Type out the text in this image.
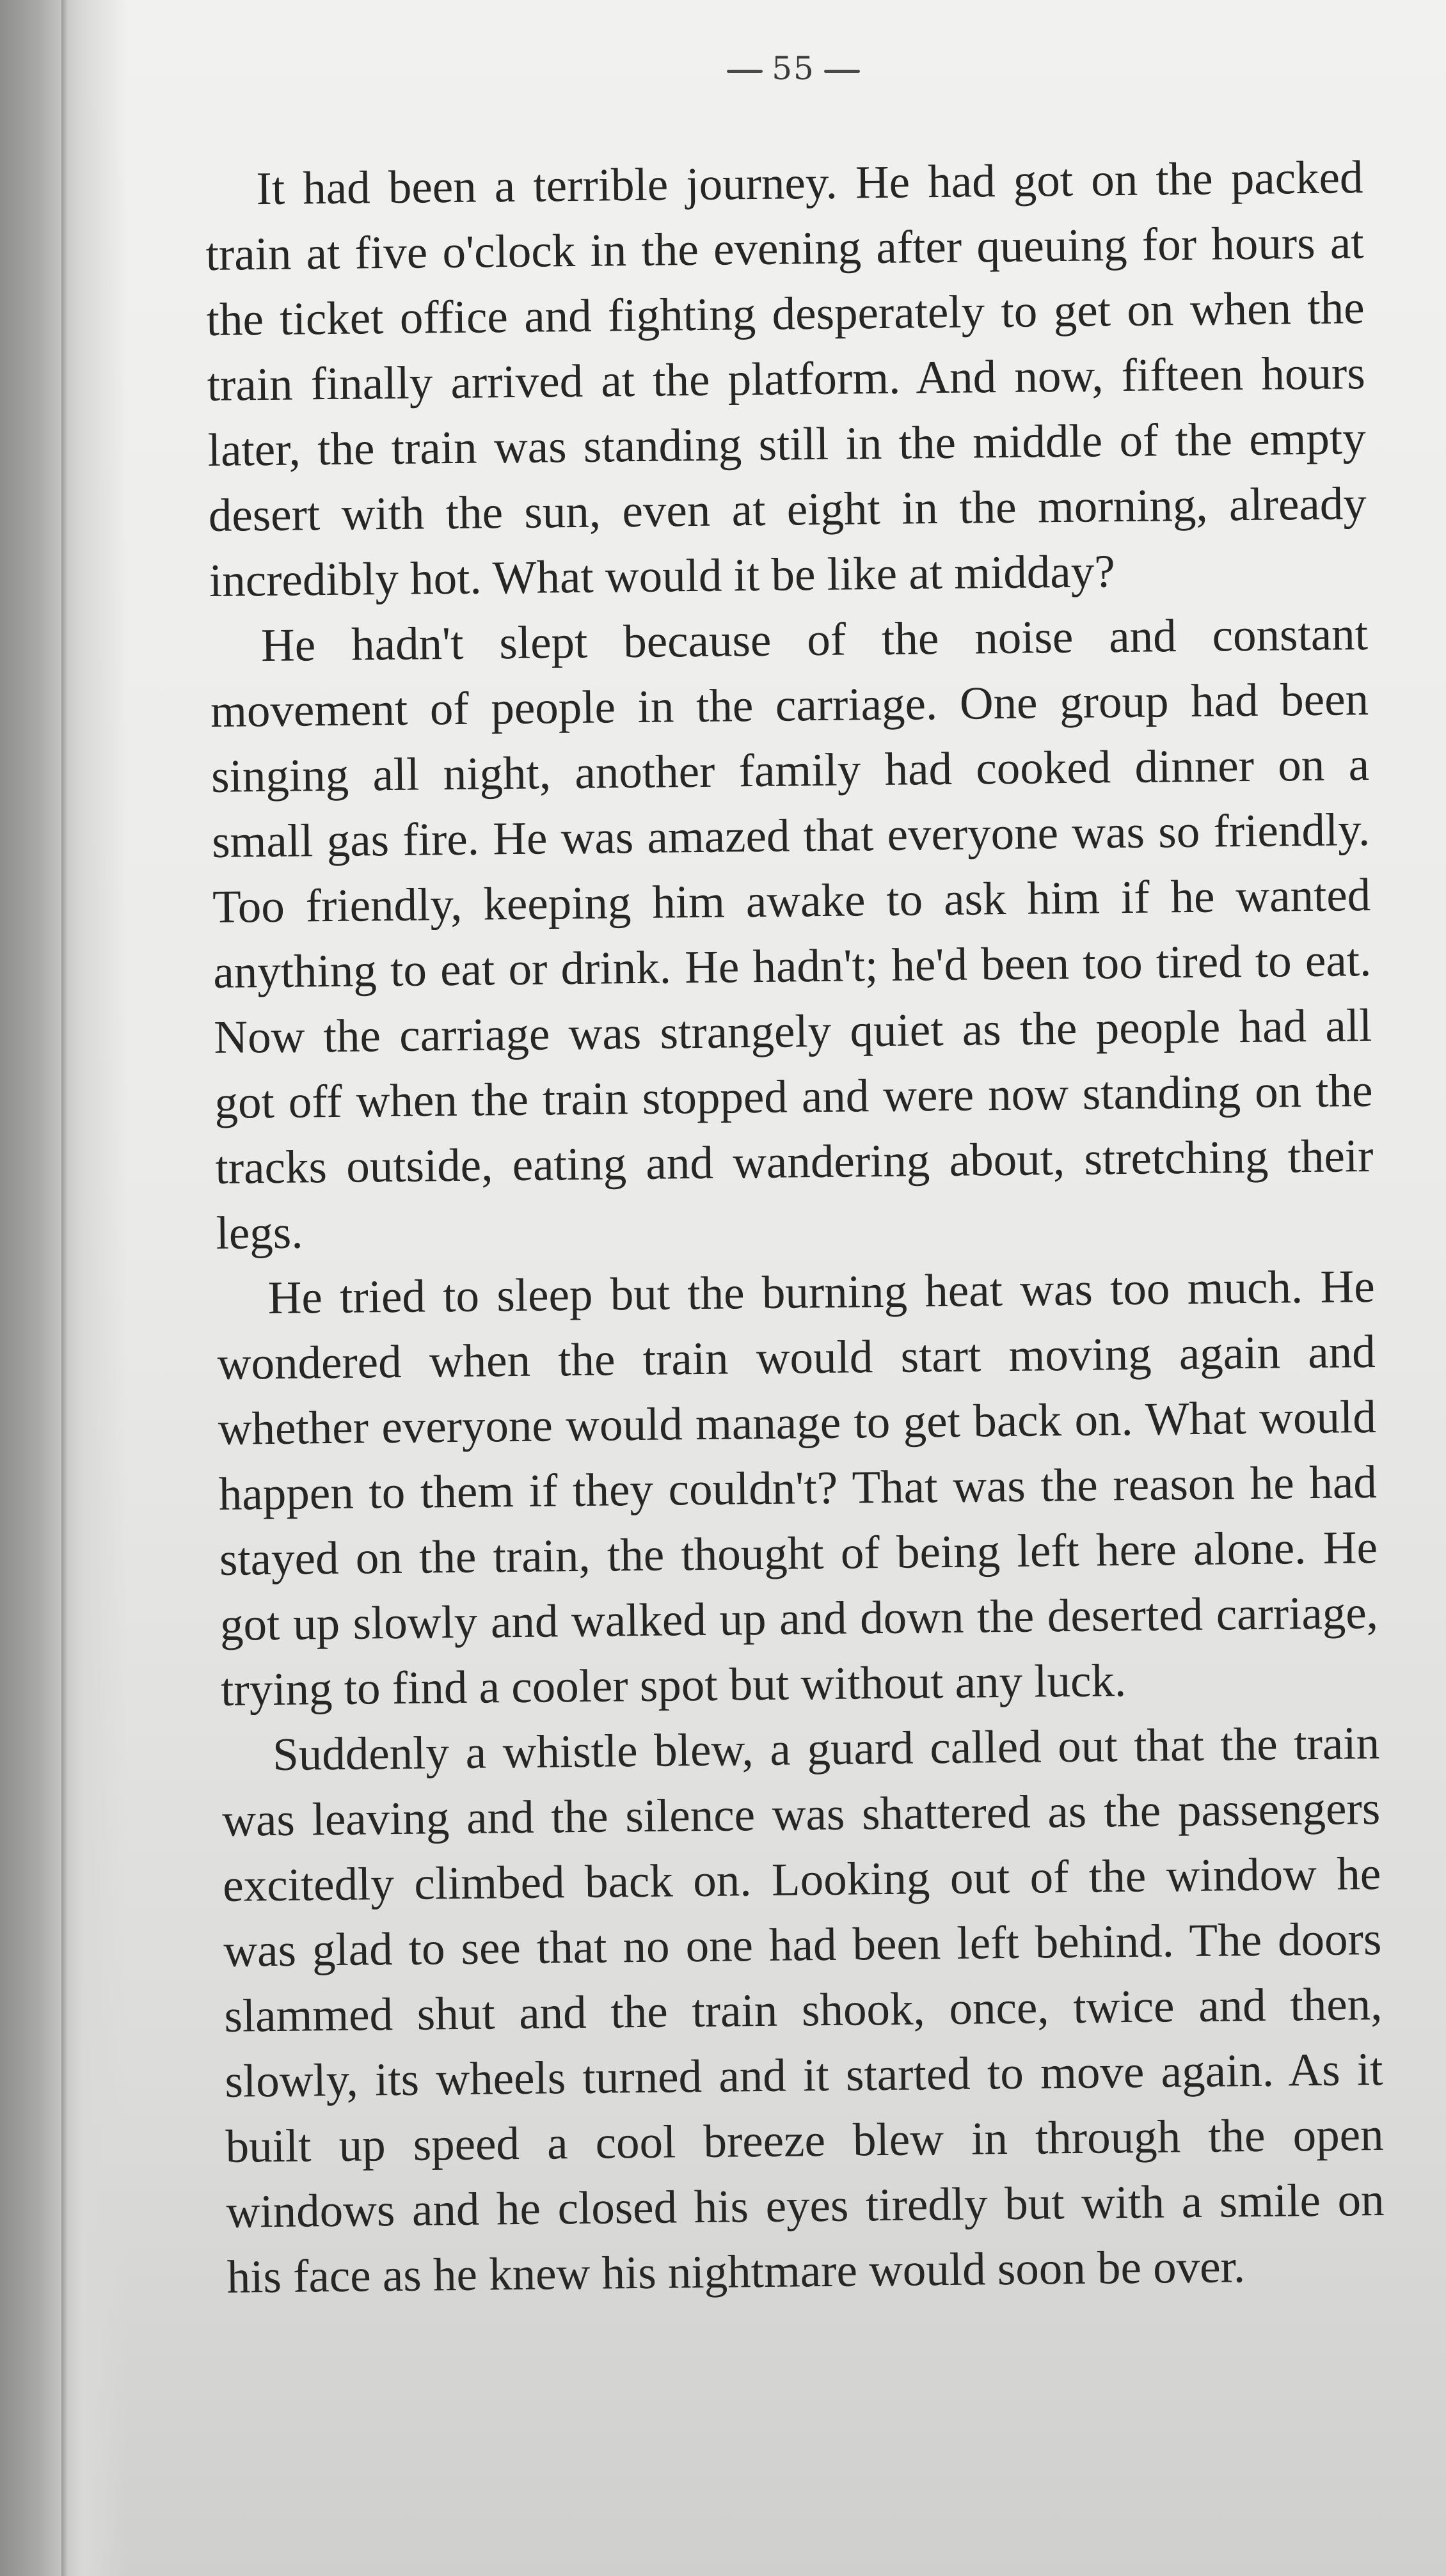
55

It had been a terrible journey. He had got on the packed train at five o'clock in the evening after queuing for hours at the ticket office and fighting desperately to get on when the train finally arrived at the platform. And now, fifteen hours later, the train was standing still in the middle of the empty desert with the sun, even at eight in the morning, already incredibly hot. What would it be like at midday?

He hadn't slept because of the noise and constant movement of people in the carriage. One group had been singing all night, another family had cooked dinner on a small gas fire. He was amazed that everyone was so friendly. Too friendly, keeping him awake to ask him if he wanted anything to eat or drink. He hadn't; he'd been too tired to eat. Now the carriage was strangely quiet as the people had all got off when the train stopped and were now standing on the tracks outside, eating and wandering about, stretching their legs.

He tried to sleep but the burning heat was too much. He wondered when the train would start moving again and whether everyone would manage to get back on. What would happen to them if they couldn't? That was the reason he had stayed on the train, the thought of being left here alone. He got up slowly and walked up and down the deserted carriage, trying to find a cooler spot but without any luck.

Suddenly a whistle blew, a guard called out that the train was leaving and the silence was shattered as the passengers excitedly climbed back on. Looking out of the window he was glad to see that no one had been left behind. The doors slammed shut and the train shook, once, twice and then, slowly, its wheels turned and it started to move again. As it built up speed a cool breeze blew in through the open windows and he closed his eyes tiredly but with a smile on his face as he knew his nightmare would soon be over.
